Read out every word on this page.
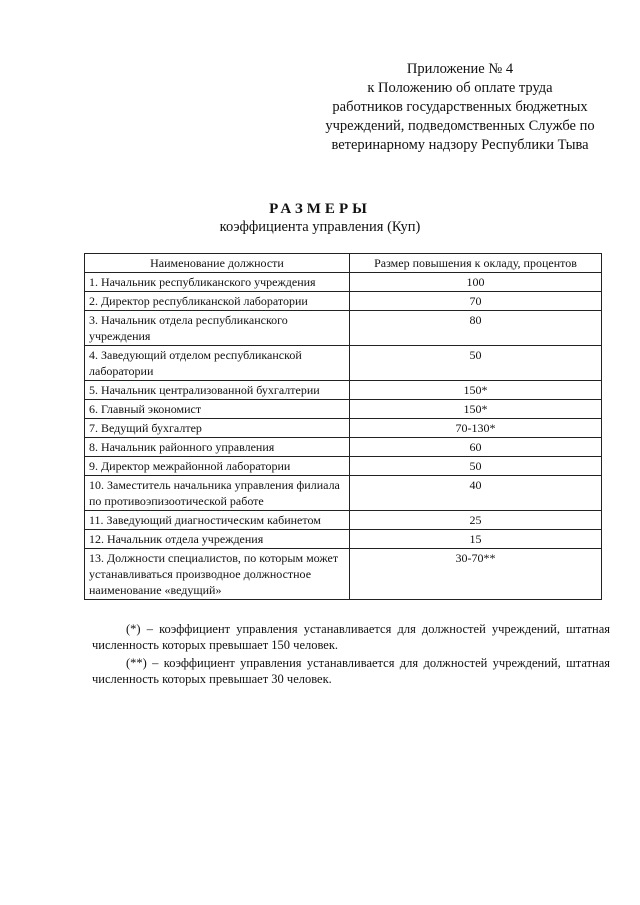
Приложение № 4
к Положению об оплате труда
работников государственных бюджетных
учреждений, подведомственных Службе по
ветеринарному надзору Республики Тыва
РАЗМЕРЫ
коэффициента управления (Куп)
Наименование должности	Размер повышения к окладу, процентов
1. Начальник республиканского учреждения	100
2. Директор республиканской лаборатории	70
3. Начальник отдела республиканского учреждения	80
4. Заведующий отделом республиканской лаборатории	50
5. Начальник централизованной бухгалтерии	150*
6. Главный экономист	150*
7. Ведущий бухгалтер	70-130*
8. Начальник районного управления	60
9. Директор межрайонной лаборатории	50
10. Заместитель начальника управления филиала по противоэпизоотической работе	40
11. Заведующий диагностическим кабинетом	25
12. Начальник отдела учреждения	15
13. Должности специалистов, по которым может устанавливаться производное должностное наименование «ведущий»	30-70**

(*) – коэффициент управления устанавливается для должностей учреждений, штатная численность которых превышает 150 человек.

(**) – коэффициент управления устанавливается для должностей учреждений, штатная численность которых превышает 30 человек.
